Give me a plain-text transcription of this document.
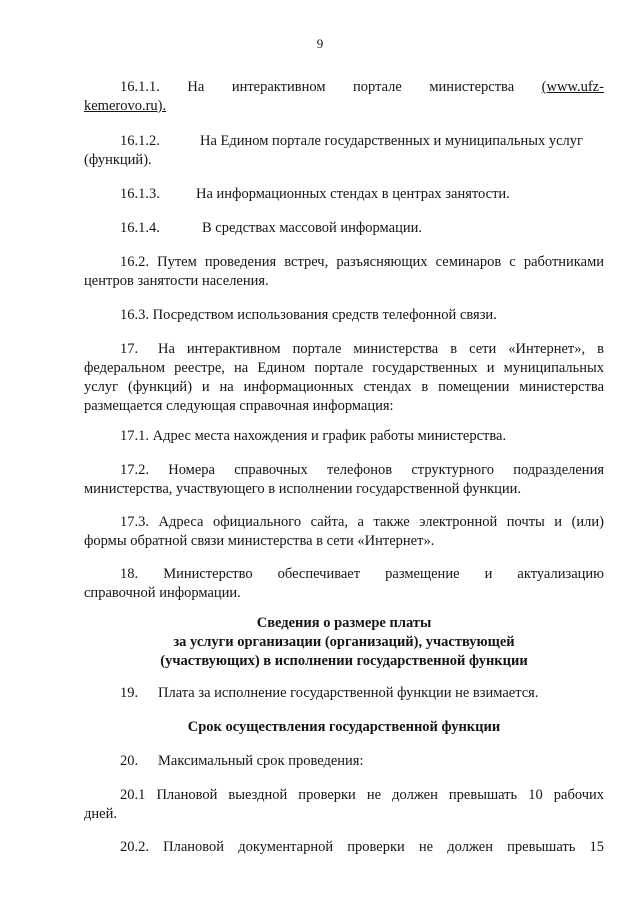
9
16.1.1. На интерактивном портале министерства (www.ufz-
kemerovo.ru).
16.1.2.	На Едином портале государственных и муниципальных услуг
(функций).
16.1.3.	На информационных стендах в центрах занятости.
16.1.4.	В средствах массовой информации.
16.2. Путем проведения встреч, разъясняющих семинаров с работниками
центров занятости населения.
16.3. Посредством использования средств телефонной связи.
17.	На интерактивном портале министерства в сети «Интернет», в
федеральном реестре, на Едином портале государственных и муниципальных
услуг (функций) и на информационных стендах в помещении министерства
размещается следующая справочная информация:
17.1. Адрес места нахождения и график работы министерства.
17.2. Номера справочных телефонов структурного подразделения
министерства, участвующего в исполнении государственной функции.
17.3. Адреса официального сайта, а также электронной почты и (или)
формы обратной связи министерства в сети «Интернет».
18. Министерство обеспечивает размещение и актуализацию
справочной информации.
Сведения о размере платы
за услуги организации (организаций), участвующей
(участвующих) в исполнении государственной функции
19.	Плата за исполнение государственной функции не взимается.
Срок осуществления государственной функции
20.	Максимальный срок проведения:
20.1 Плановой выездной проверки не должен превышать 10 рабочих
дней.
20.2. Плановой документарной проверки не должен превышать 15
